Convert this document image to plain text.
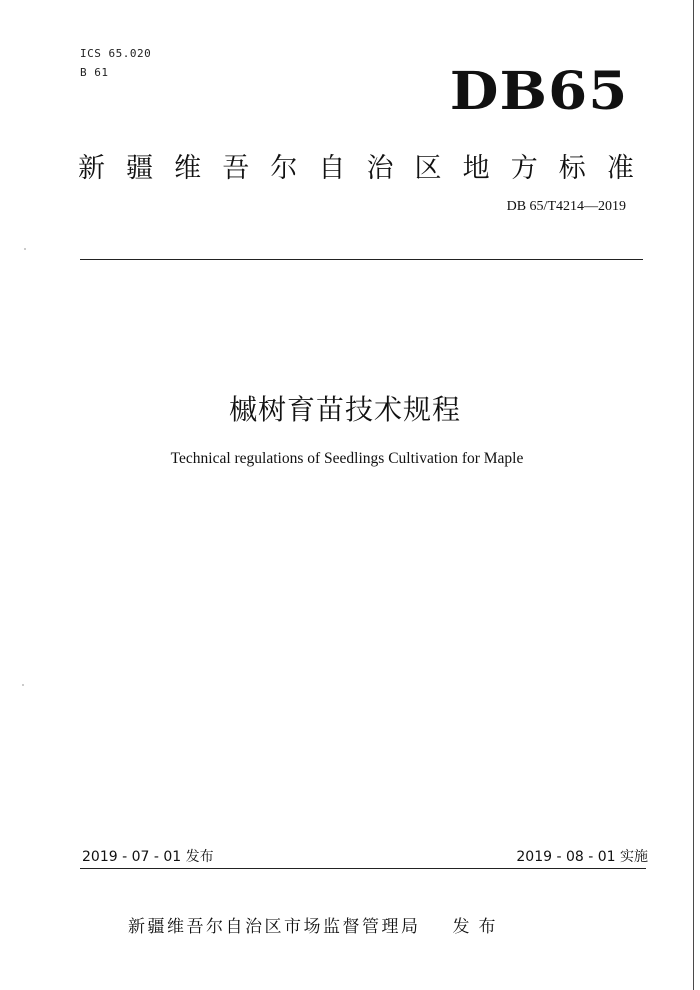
ICS 65.020
B 61	DB65
新 疆 维 吾 尔 自 治 区 地 方 标 准
DB 65/T4214—2019
槭树育苗技术规程
Technical regulations of Seedlings Cultivation for Maple
2019 - 07 - 01 发布	2019 - 08 - 01 实施
新疆维吾尔自治区市场监督管理局 发布
